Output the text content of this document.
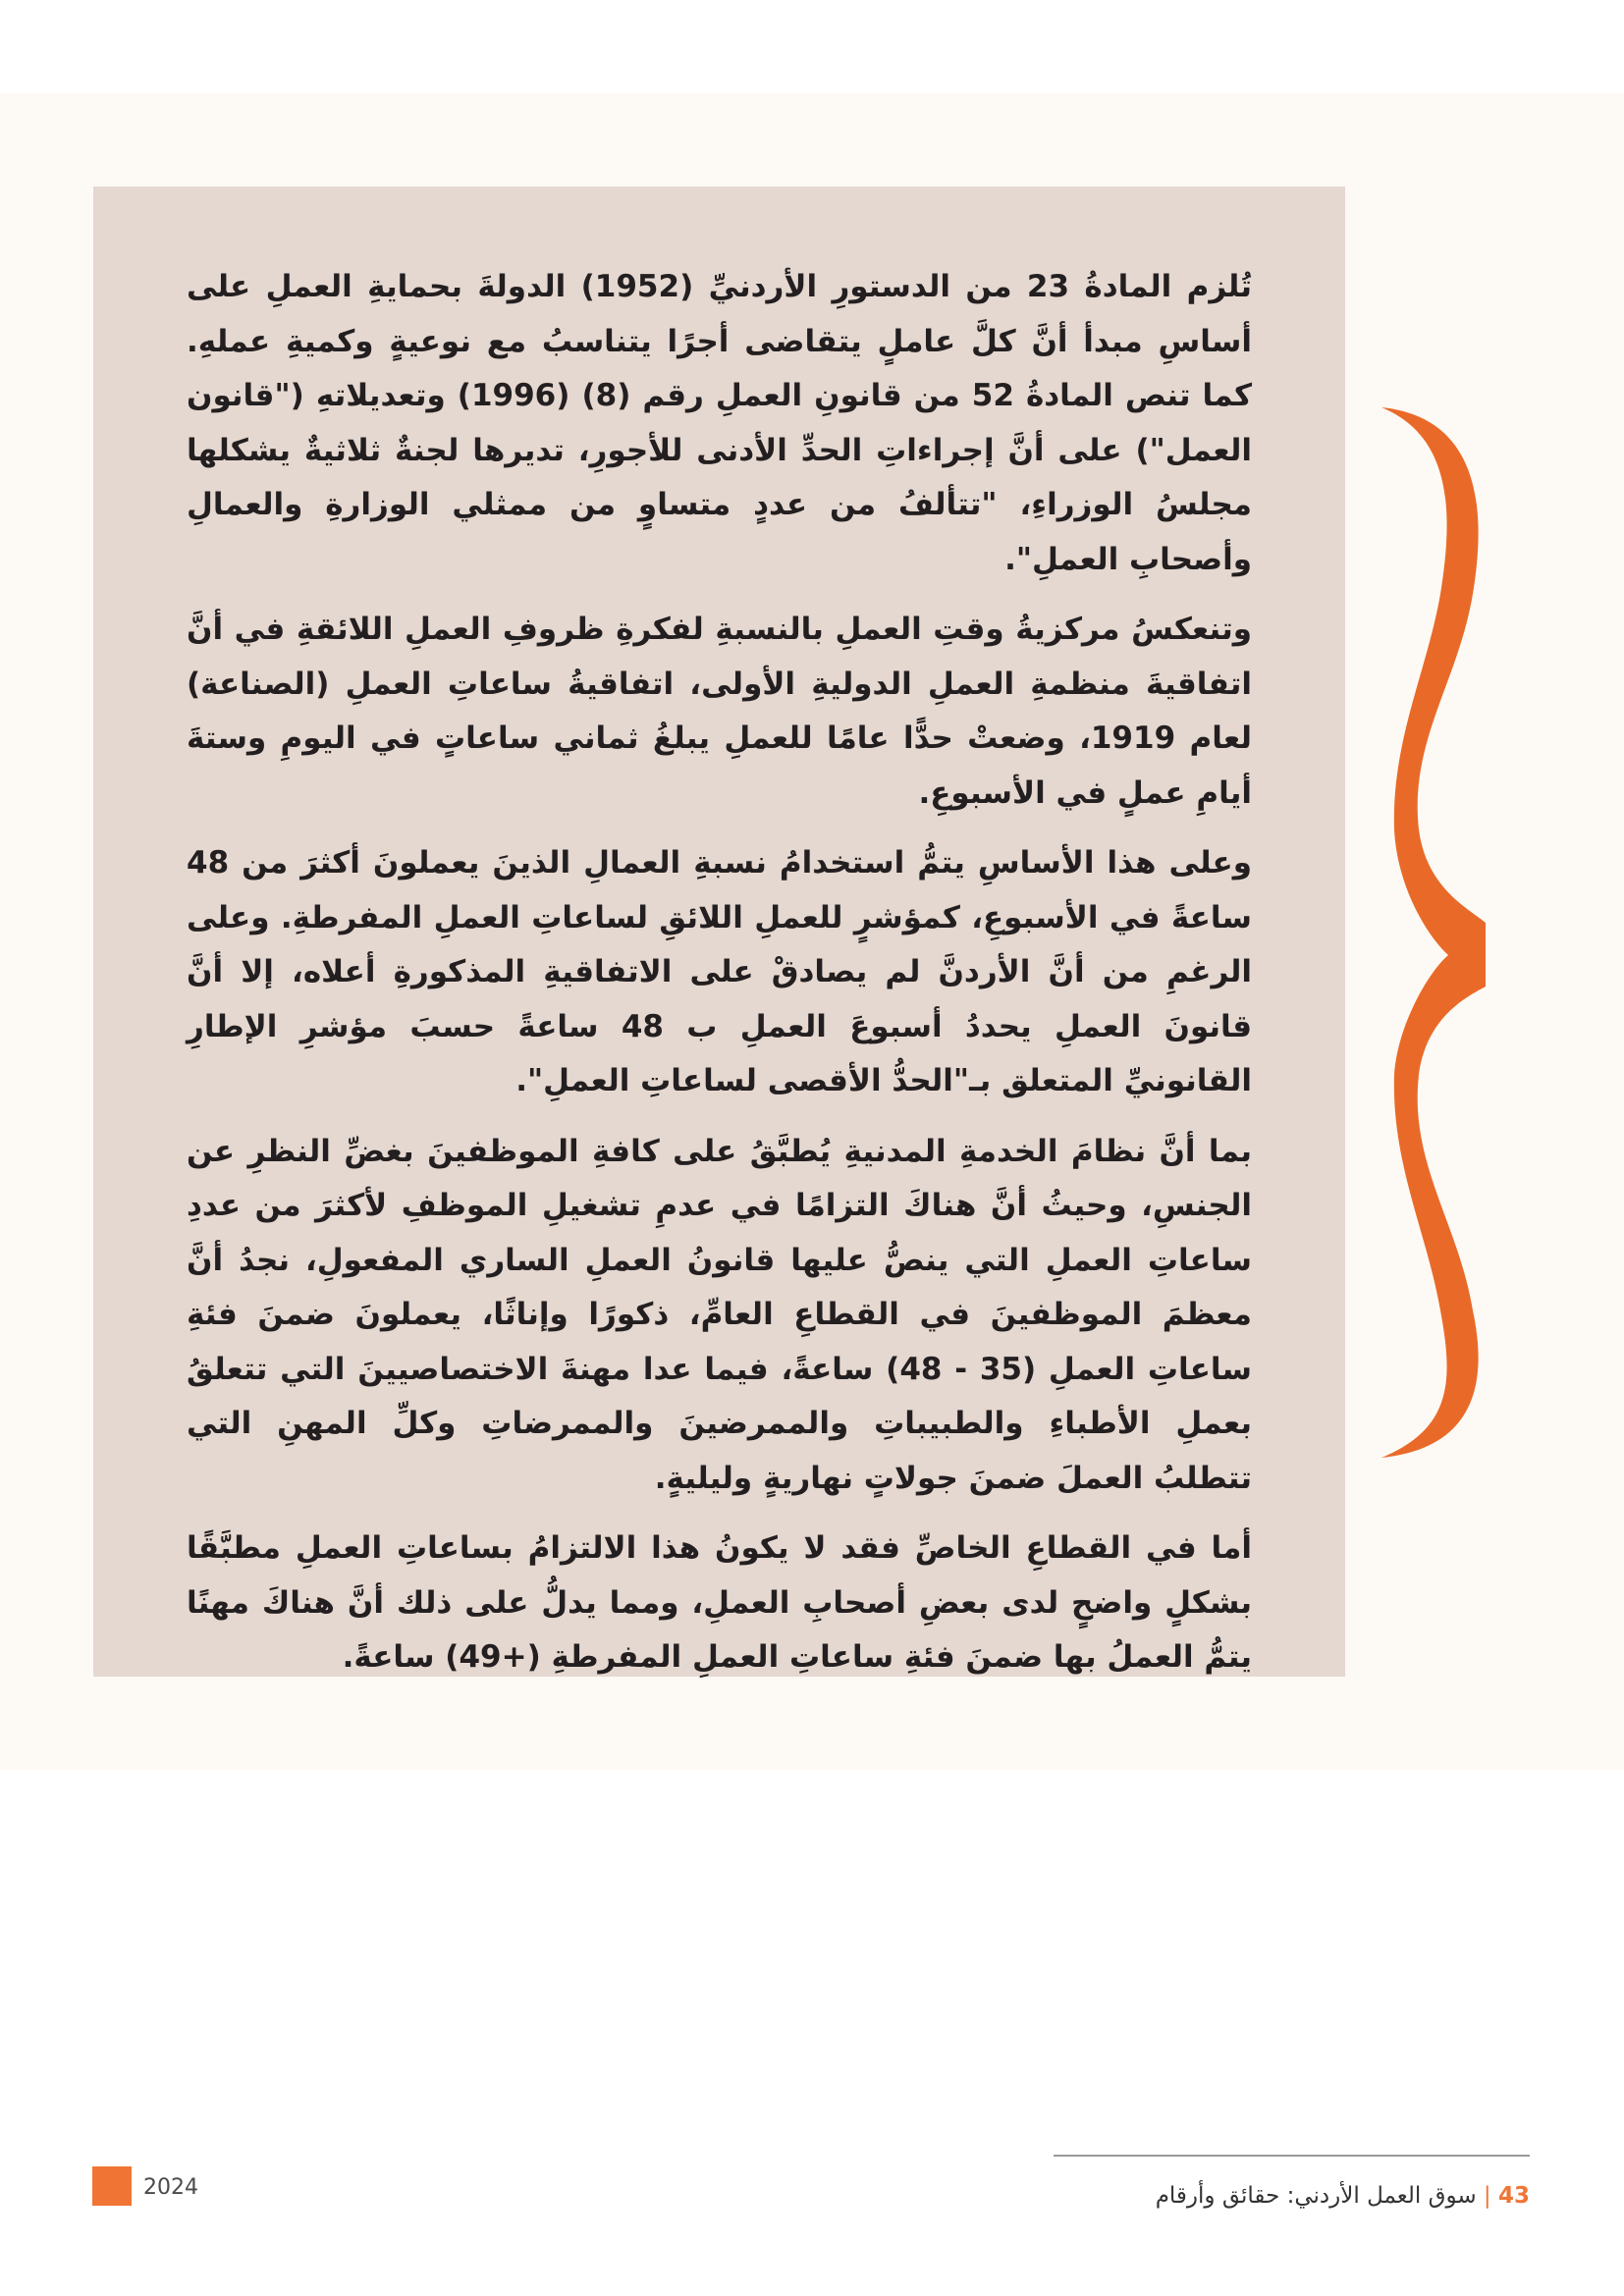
تُلزم المادةُ 23 من الدستورِ الأردنيِّ (1952) الدولةَ بحمايةِ العملِ على أساسِ مبدأ أنَّ كلَّ عاملٍ يتقاضى أجرًا يتناسبُ مع نوعيةٍ وكميةِ عملهِ. كما تنص المادةُ 52 من قانونِ العملِ رقم (8) (1996) وتعديلاتهِ ("قانون العمل") على أنَّ إجراءاتِ الحدِّ الأدنى للأجورِ، تديرها لجنةٌ ثلاثيةٌ يشكلها مجلسُ الوزراءِ، "تتألفُ من عددٍ متساوٍ من ممثلي الوزارةِ والعمالِ وأصحابِ العملِ".

وتنعكسُ مركزيةُ وقتِ العملِ بالنسبةِ لفكرةِ ظروفِ العملِ اللائقةِ في أنَّ اتفاقيةَ منظمةِ العملِ الدوليةِ الأولى، اتفاقيةُ ساعاتِ العملِ (الصناعة) لعام 1919، وضعتْ حدًّا عامًا للعملِ يبلغُ ثماني ساعاتٍ في اليومِ وستةَ أيامِ عملٍ في الأسبوعِ.

وعلى هذا الأساسِ يتمُّ استخدامُ نسبةِ العمالِ الذينَ يعملونَ أكثرَ من 48 ساعةً في الأسبوعِ، كمؤشرٍ للعملِ اللائقِ لساعاتِ العملِ المفرطةِ. وعلى الرغمِ من أنَّ الأردنَّ لم يصادقْ على الاتفاقيةِ المذكورةِ أعلاه، إلا أنَّ قانونَ العملِ يحددُ أسبوعَ العملِ ب 48 ساعةً حسبَ مؤشرِ الإطارِ القانونيِّ المتعلق بـ"الحدُّ الأقصى لساعاتِ العملِ".

بما أنَّ نظامَ الخدمةِ المدنيةِ يُطبَّقُ على كافةِ الموظفينَ بغضِّ النظرِ عن الجنسِ، وحيثُ أنَّ هناكَ التزامًا في عدمِ تشغيلِ الموظفِ لأكثرَ من عددِ ساعاتِ العملِ التي ينصُّ عليها قانونُ العملِ الساري المفعولِ، نجدُ أنَّ معظمَ الموظفينَ في القطاعِ العامِّ، ذكورًا وإناثًا، يعملونَ ضمنَ فئةِ ساعاتِ العملِ (35 - 48) ساعةً، فيما عدا مهنةَ الاختصاصيينَ التي تتعلقُ بعملِ الأطباءِ والطبيباتِ والممرضينَ والممرضاتِ وكلِّ المهنِ التي تتطلبُ العملَ ضمنَ جولاتٍ نهاريةٍ وليليةٍ.

أما في القطاعِ الخاصِّ فقد لا يكونُ هذا الالتزامُ بساعاتِ العملِ مطبَّقًا بشكلٍ واضحٍ لدى بعضِ أصحابِ العملِ، ومما يدلُّ على ذلك أنَّ هناكَ مهنًا يتمُّ العملُ بها ضمنَ فئةِ ساعاتِ العملِ المفرطةِ (+49) ساعةً.

2024	43 | سوق العمل الأردني: حقائق وأرقام
